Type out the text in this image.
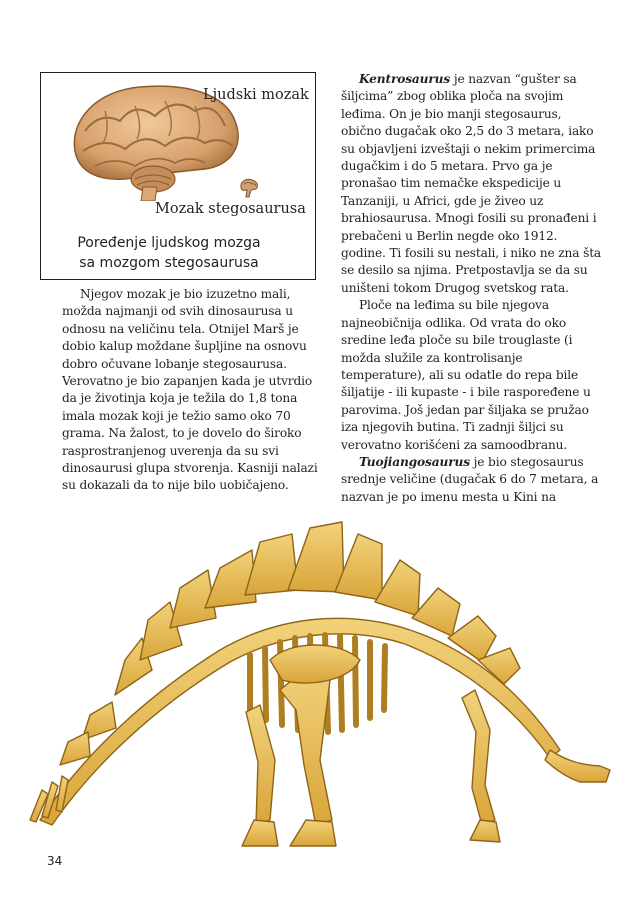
Ljudski mozak
Mozak stegosaurusa
Poređenje ljudskog mozga
sa mozgom stegosaurusa

Njegov mozak je bio izuzetno mali, možda najmanji od svih dinosaurusa u odnosu na veličinu tela. Otnijel Marš je dobio kalup moždane šupljine na osnovu dobro očuvane lobanje stegosaurusa. Verovatno je bio zapanjen kada je utvrdio da je životinja koja je težila do 1,8 tona imala mozak koji je težio samo oko 70 grama. Na žalost, to je dovelo do široko rasprostranjenog uverenja da su svi dinosaurusi glupa stvorenja. Kasniji nalazi su dokazali da to nije bilo uobičajeno.

Kentrosaurus je nazvan “gušter sa šiljcima” zbog oblika ploča na svojim leđima. On je bio manji stegosaurus, obično dugačak oko 2,5 do 3 metara, iako su objavljeni izveštaji o nekim primercima dugačkim i do 5 metara. Prvo ga je pronašao tim nemačke ekspedicije u Tanzaniji, u Africi, gde je živeo uz brahiosaurusa. Mnogi fosili su pronađeni i prebačeni u Berlin negde oko 1912. godine. Ti fosili su nestali, i niko ne zna šta se desilo sa njima. Pretpostavlja se da su uništeni tokom Drugog svetskog rata.

Ploče na leđima su bile njegova najneobičnija odlika. Od vrata do oko sredine leđa ploče su bile trouglaste (i možda služile za kontrolisanje temperature), ali su odatle do repa bile šiljatije - ili kupaste - i bile raspoređene u parovima. Još jedan par šiljaka se pružao iza njegovih butina. Ti zadnji šiljci su verovatno korišćeni za samoodbranu.

Tuojiangosaurus je bio stegosaurus srednje veličine (dugačak 6 do 7 metara, a nazvan je po imenu mesta u Kini na

34
